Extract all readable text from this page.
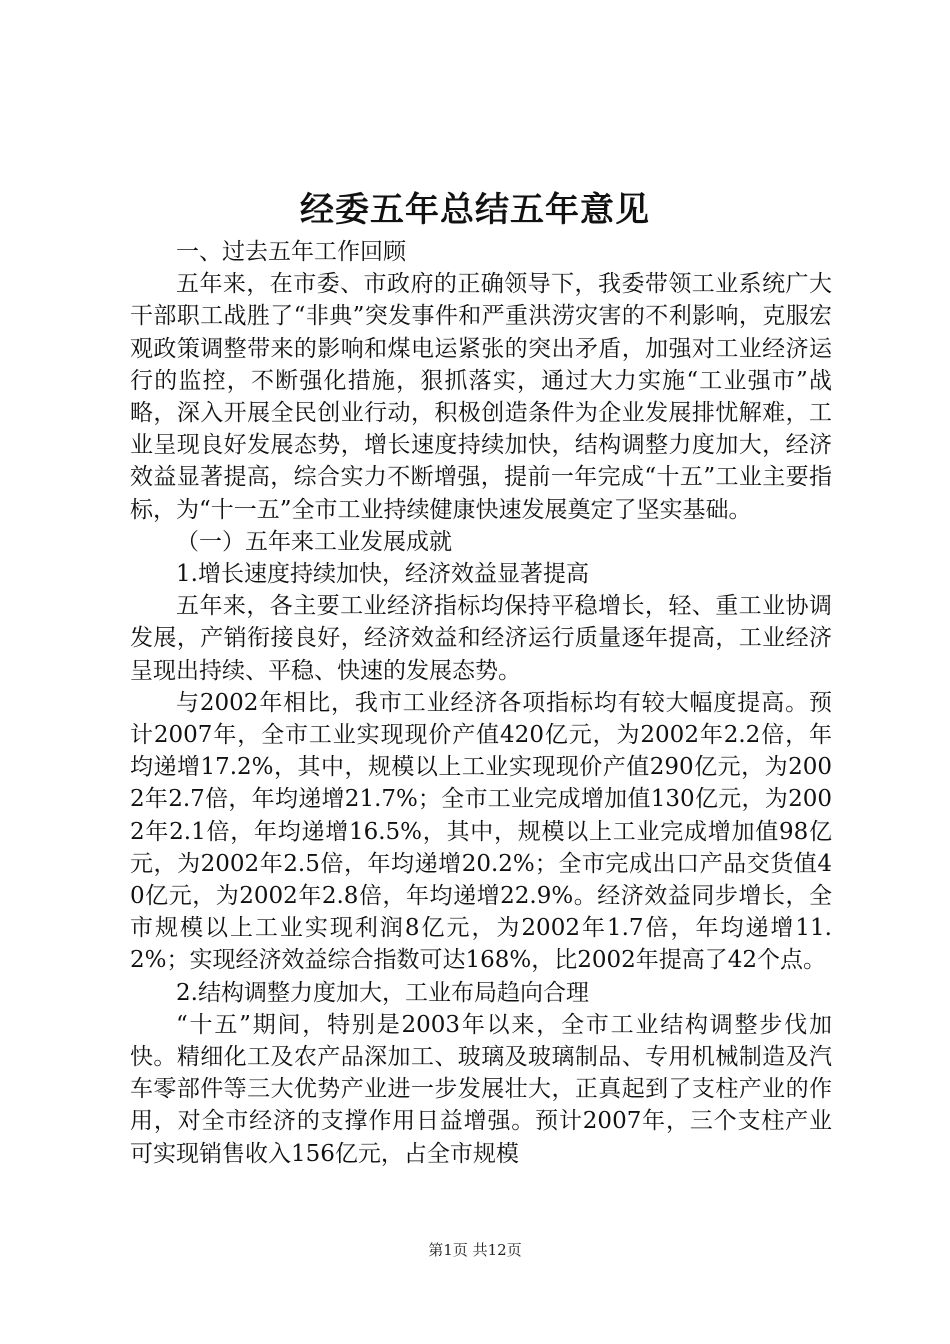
经委五年总结五年意见

一、过去五年工作回顾

五年来，在市委、市政府的正确领导下，我委带领工业系统广大干部职工战胜了“非典”突发事件和严重洪涝灾害的不利影响，克服宏观政策调整带来的影响和煤电运紧张的突出矛盾，加强对工业经济运行的监控，不断强化措施，狠抓落实，通过大力实施“工业强市”战略，深入开展全民创业行动，积极创造条件为企业发展排忧解难，工业呈现良好发展态势，增长速度持续加快，结构调整力度加大，经济效益显著提高，综合实力不断增强，提前一年完成“十五”工业主要指标，为“十一五”全市工业持续健康快速发展奠定了坚实基础。

（一）五年来工业发展成就

1.增长速度持续加快，经济效益显著提高

五年来，各主要工业经济指标均保持平稳增长，轻、重工业协调发展，产销衔接良好，经济效益和经济运行质量逐年提高，工业经济呈现出持续、平稳、快速的发展态势。

与2002年相比，我市工业经济各项指标均有较大幅度提高。预计2007年，全市工业实现现价产值420亿元，为2002年2.2倍，年均递增17.2%，其中，规模以上工业实现现价产值290亿元，为2002年2.7倍，年均递增21.7%；全市工业完成增加值130亿元，为2002年2.1倍，年均递增16.5%，其中，规模以上工业完成增加值98亿元，为2002年2.5倍，年均递增20.2%；全市完成出口产品交货值40亿元，为2002年2.8倍，年均递增22.9%。经济效益同步增长，全市规模以上工业实现利润8亿元，为2002年1.7倍，年均递增11.2%；实现经济效益综合指数可达168%，比2002年提高了42个点。

2.结构调整力度加大，工业布局趋向合理

“十五”期间，特别是2003年以来，全市工业结构调整步伐加快。精细化工及农产品深加工、玻璃及玻璃制品、专用机械制造及汽车零部件等三大优势产业进一步发展壮大，正真起到了支柱产业的作用，对全市经济的支撑作用日益增强。预计2007年，三个支柱产业可实现销售收入156亿元，占全市规模

第1页 共12页
